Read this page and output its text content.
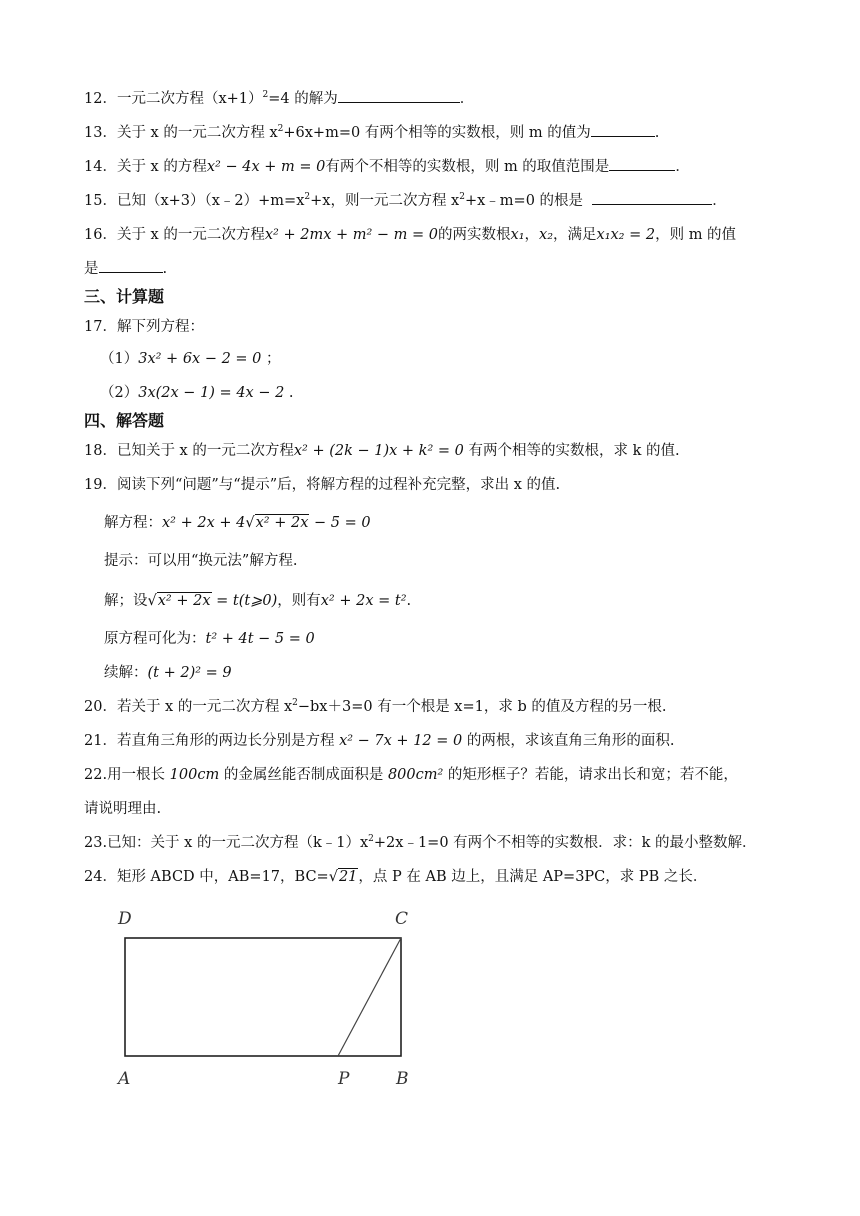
12．一元二次方程$(x+1)^2=4$ 的解为	．
13．关于 x 的一元二次方程 $x^2+6x+m=0$ 有两个相等的实数根，则 m 的值为	.
14．关于 x 的方程x² − 4x + m = 0有两个不相等的实数根，则 m 的取值范围是	．
15．已知$(x+3)(x﹣2)+m=x^2+x$，则一元二次方程 $x^2+x﹣m=0$ 的根是	．
16．关于 x 的一元二次方程x² + 2mx + m² − m = 0的两实数根x₁，x₂，满足x₁x₂ = 2，则 m 的值
是	.
三、计算题
17．解下列方程：
（1）3x² + 6x − 2 = 0 ；
（2）3x(2x − 1) = 4x − 2 .
四、解答题
18．已知关于 x 的一元二次方程x² + (2k − 1)x + k² = 0 有两个相等的实数根，求 k 的值.
19．阅读下列“问题”与“提示”后，将解方程的过程补充完整，求出 x 的值.
解方程：x² + 2x + 4√x² + 2x − 5 = 0
提示：可以用“换元法”解方程.
解；设√x² + 2x = t(t⩾0)，则有x² + 2x = t².
原方程可化为：t² + 4t − 5 = 0
续解：(t + 2)² = 9
20．若关于 x 的一元二次方程 $x^2-bx+3=0$ 有一个根是 x=1，求 b 的值及方程的另一根.
21．若直角三角形的两边长分别是方程 x² − 7x + 12 = 0 的两根，求该直角三角形的面积.
22.用一根长 100cm 的金属丝能否制成面积是 800cm² 的矩形框子？若能，请求出长和宽；若不能，
请说明理由.
23.已知：关于 x 的一元二次方程$(k﹣1)x^2+2x﹣1=0$ 有两个不相等的实数根．求：k 的最小整数解．
24．矩形 ABCD 中，AB=17，BC=√21，点 P 在 AB 边上，且满足 AP=3PC，求 PB 之长．
D	C
A	P	B
